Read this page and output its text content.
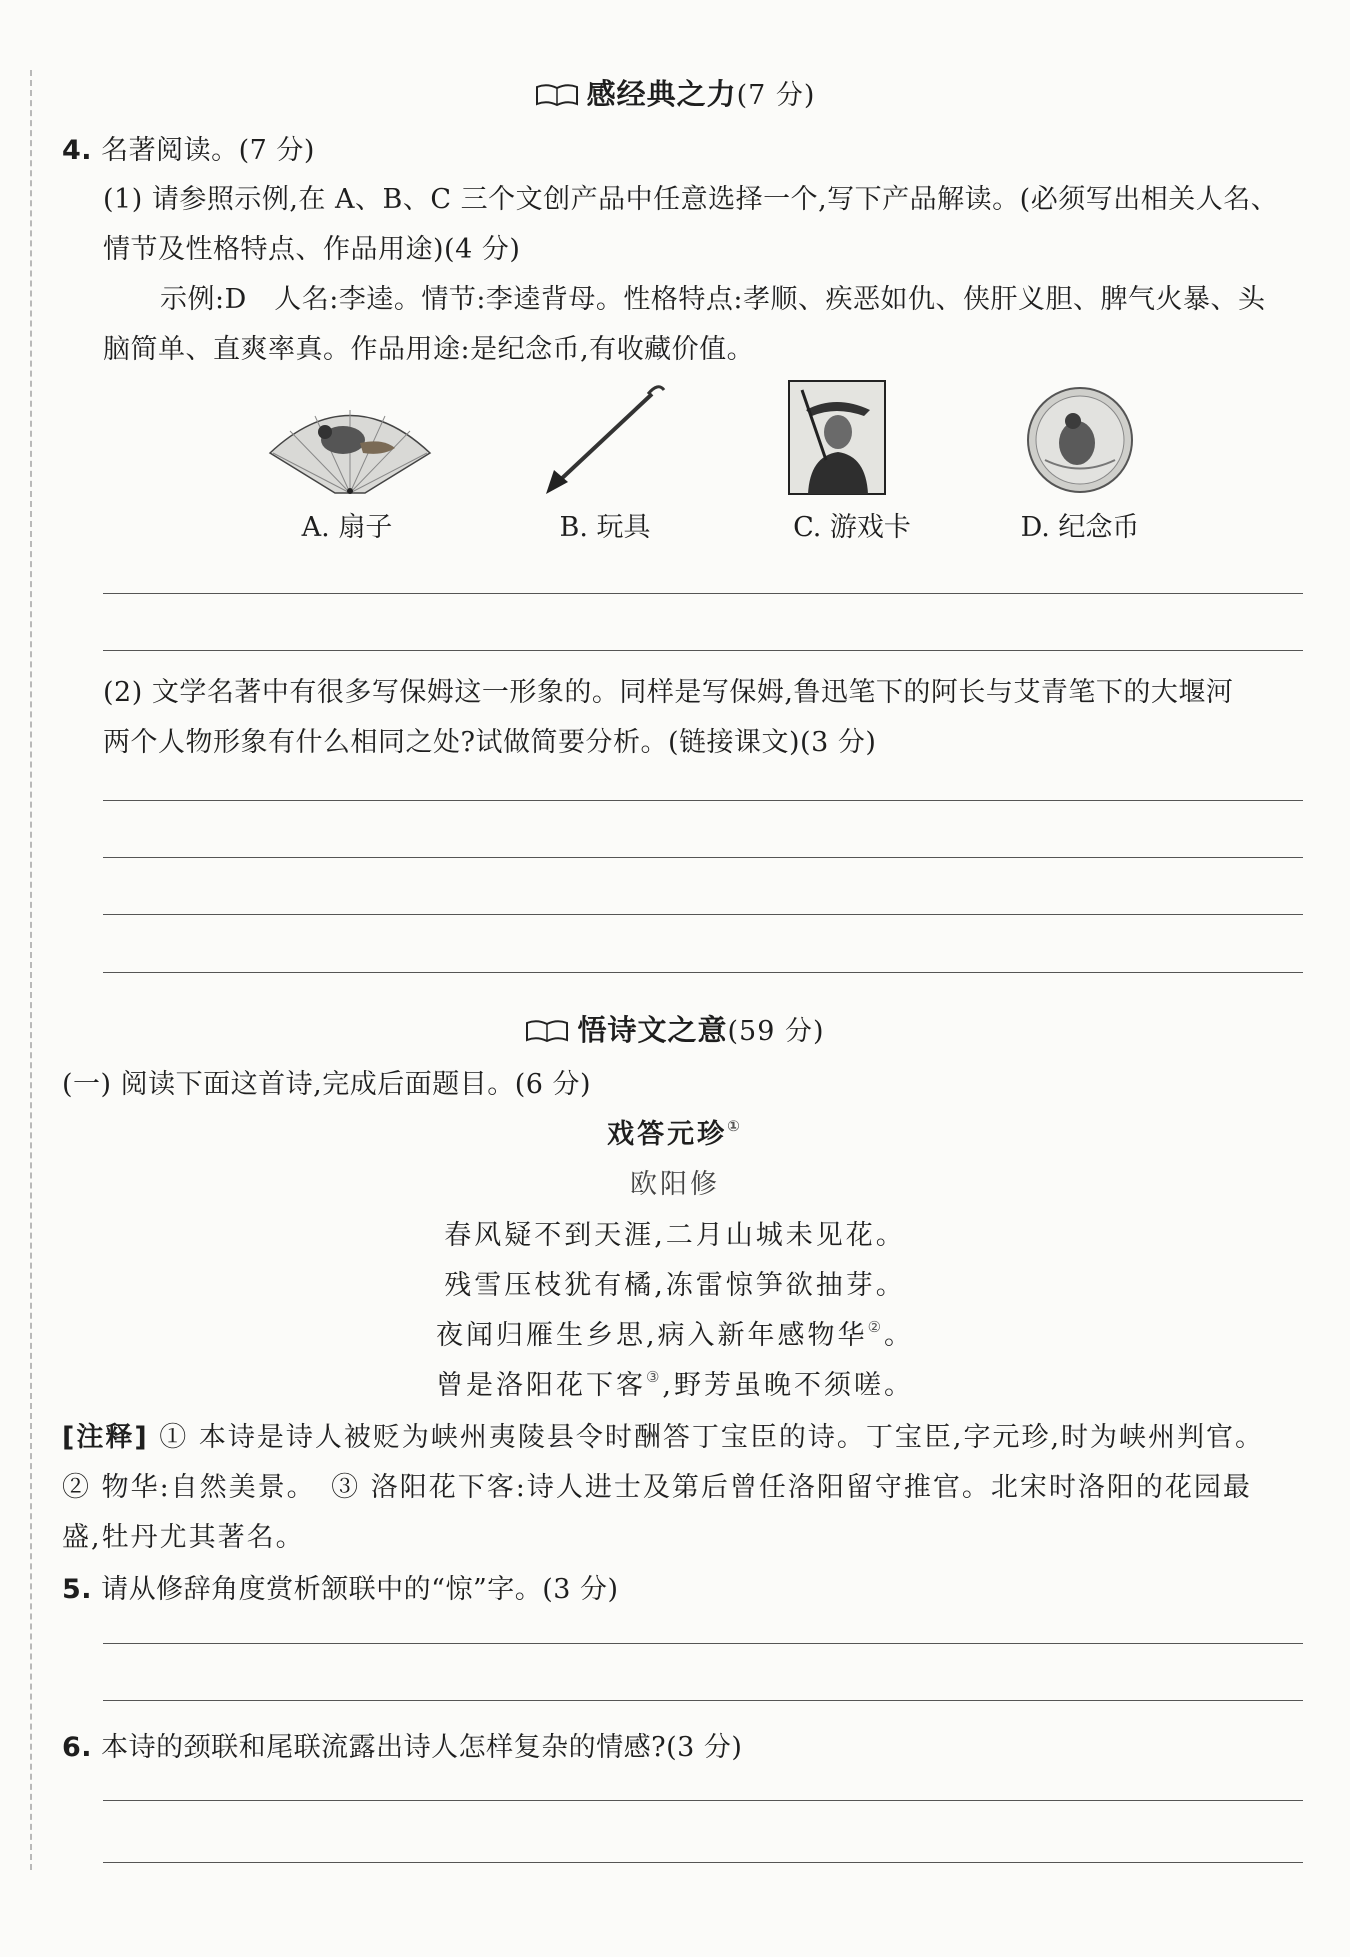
感经典之力(7 分)
4. 名著阅读。(7 分)
(1) 请参照示例,在 A、B、C 三个文创产品中任意选择一个,写下产品解读。(必须写出相关人名、
情节及性格特点、作品用途)(4 分)
示例:D　人名:李逵。情节:李逵背母。性格特点:孝顺、疾恶如仇、侠肝义胆、脾气火暴、头
脑简单、直爽率真。作品用途:是纪念币,有收藏价值。
A. 扇子	B. 玩具	C. 游戏卡	D. 纪念币
(2) 文学名著中有很多写保姆这一形象的。同样是写保姆,鲁迅笔下的阿长与艾青笔下的大堰河
两个人物形象有什么相同之处?试做简要分析。(链接课文)(3 分)
悟诗文之意(59 分)
(一) 阅读下面这首诗,完成后面题目。(6 分)
戏答元珍①
欧阳修
春风疑不到天涯,二月山城未见花。
残雪压枝犹有橘,冻雷惊笋欲抽芽。
夜闻归雁生乡思,病入新年感物华②。
曾是洛阳花下客③,野芳虽晚不须嗟。
[注释] ① 本诗是诗人被贬为峡州夷陵县令时酬答丁宝臣的诗。丁宝臣,字元珍,时为峡州判官。
② 物华:自然美景。　③ 洛阳花下客:诗人进士及第后曾任洛阳留守推官。北宋时洛阳的花园最
盛,牡丹尤其著名。
5. 请从修辞角度赏析颔联中的“惊”字。(3 分)
6. 本诗的颈联和尾联流露出诗人怎样复杂的情感?(3 分)
